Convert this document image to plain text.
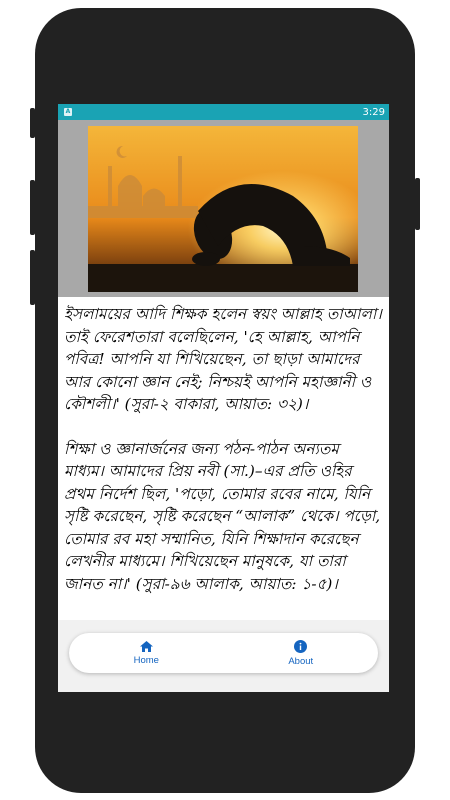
A	3:29

ইসলাময়ের আদি শিক্ষক হলেন স্বয়ং আল্লাহ তাআলা। তাই ফেরেশতারা বলেছিলেন, 'হে আল্লাহ, আপনি পবিত্র! আপনি যা শিখিয়েছেন, তা ছাড়া আমাদের আর কোনো জ্ঞান নেই; নিশ্চয়ই আপনি মহাজ্ঞানী ও কৌশলী।' (সুরা-২ বাকারা, আয়াত: ৩২)।

শিক্ষা ও জ্ঞানার্জনের জন্য পঠন-পাঠন অন্যতম মাধ্যম। আমাদের প্রিয় নবী (সা.)–এর প্রতি ওহির প্রথম নির্দেশ ছিল, 'পড়ো, তোমার রবের নামে, যিনি সৃষ্টি করেছেন, সৃষ্টি করেছেন “আলাক” থেকে। পড়ো, তোমার রব মহা সম্মানিত, যিনি শিক্ষাদান করেছেন লেখনীর মাধ্যমে। শিখিয়েছেন মানুষকে, যা তারা জানত না।' (সুরা-৯৬ আলাক, আয়াত: ১-৫)।

Home	About
